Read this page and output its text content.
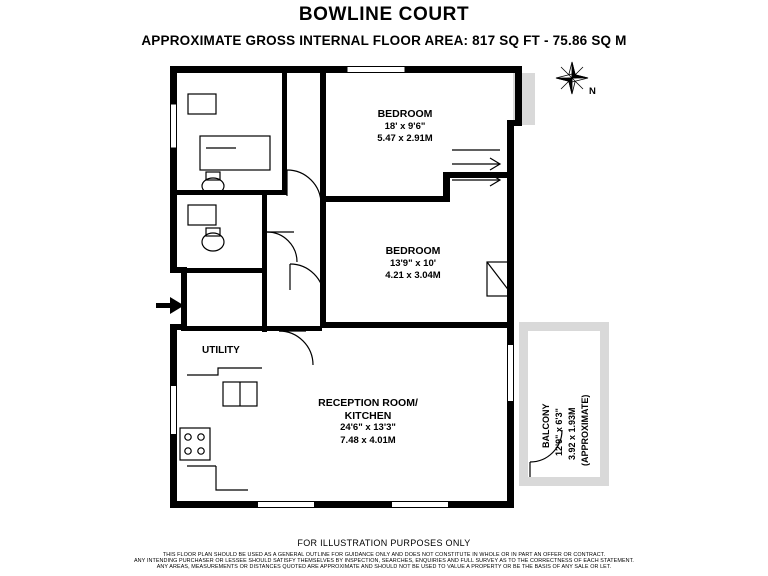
BOWLINE COURT
APPROXIMATE GROSS INTERNAL FLOOR AREA: 817 SQ FT - 75.86 SQ M
N
BEDROOM
18' x 9'6"
5.47 x 2.91M
BEDROOM
13'9" x 10'
4.21 x 3.04M
RECEPTION ROOM/
KITCHEN
24'6" x 13'3"
7.48 x 4.01M
UTILITY
BALCONY 12'9" x 6'3" 3.92 x 1.93M (APPROXIMATE)
FOR ILLUSTRATION PURPOSES ONLY
THIS FLOOR PLAN SHOULD BE USED AS A GENERAL OUTLINE FOR GUIDANCE ONLY AND DOES NOT CONSTITUTE IN WHOLE OR IN PART AN OFFER OR CONTRACT.
ANY INTENDING PURCHASER OR LESSEE SHOULD SATISFY THEMSELVES BY INSPECTION, SEARCHES, ENQUIRIES AND FULL SURVEY AS TO THE CORRECTNESS OF EACH STATEMENT.
ANY AREAS, MEASUREMENTS OR DISTANCES QUOTED ARE APPROXIMATE AND SHOULD NOT BE USED TO VALUE A PROPERTY OR BE THE BASIS OF ANY SALE OR LET.
